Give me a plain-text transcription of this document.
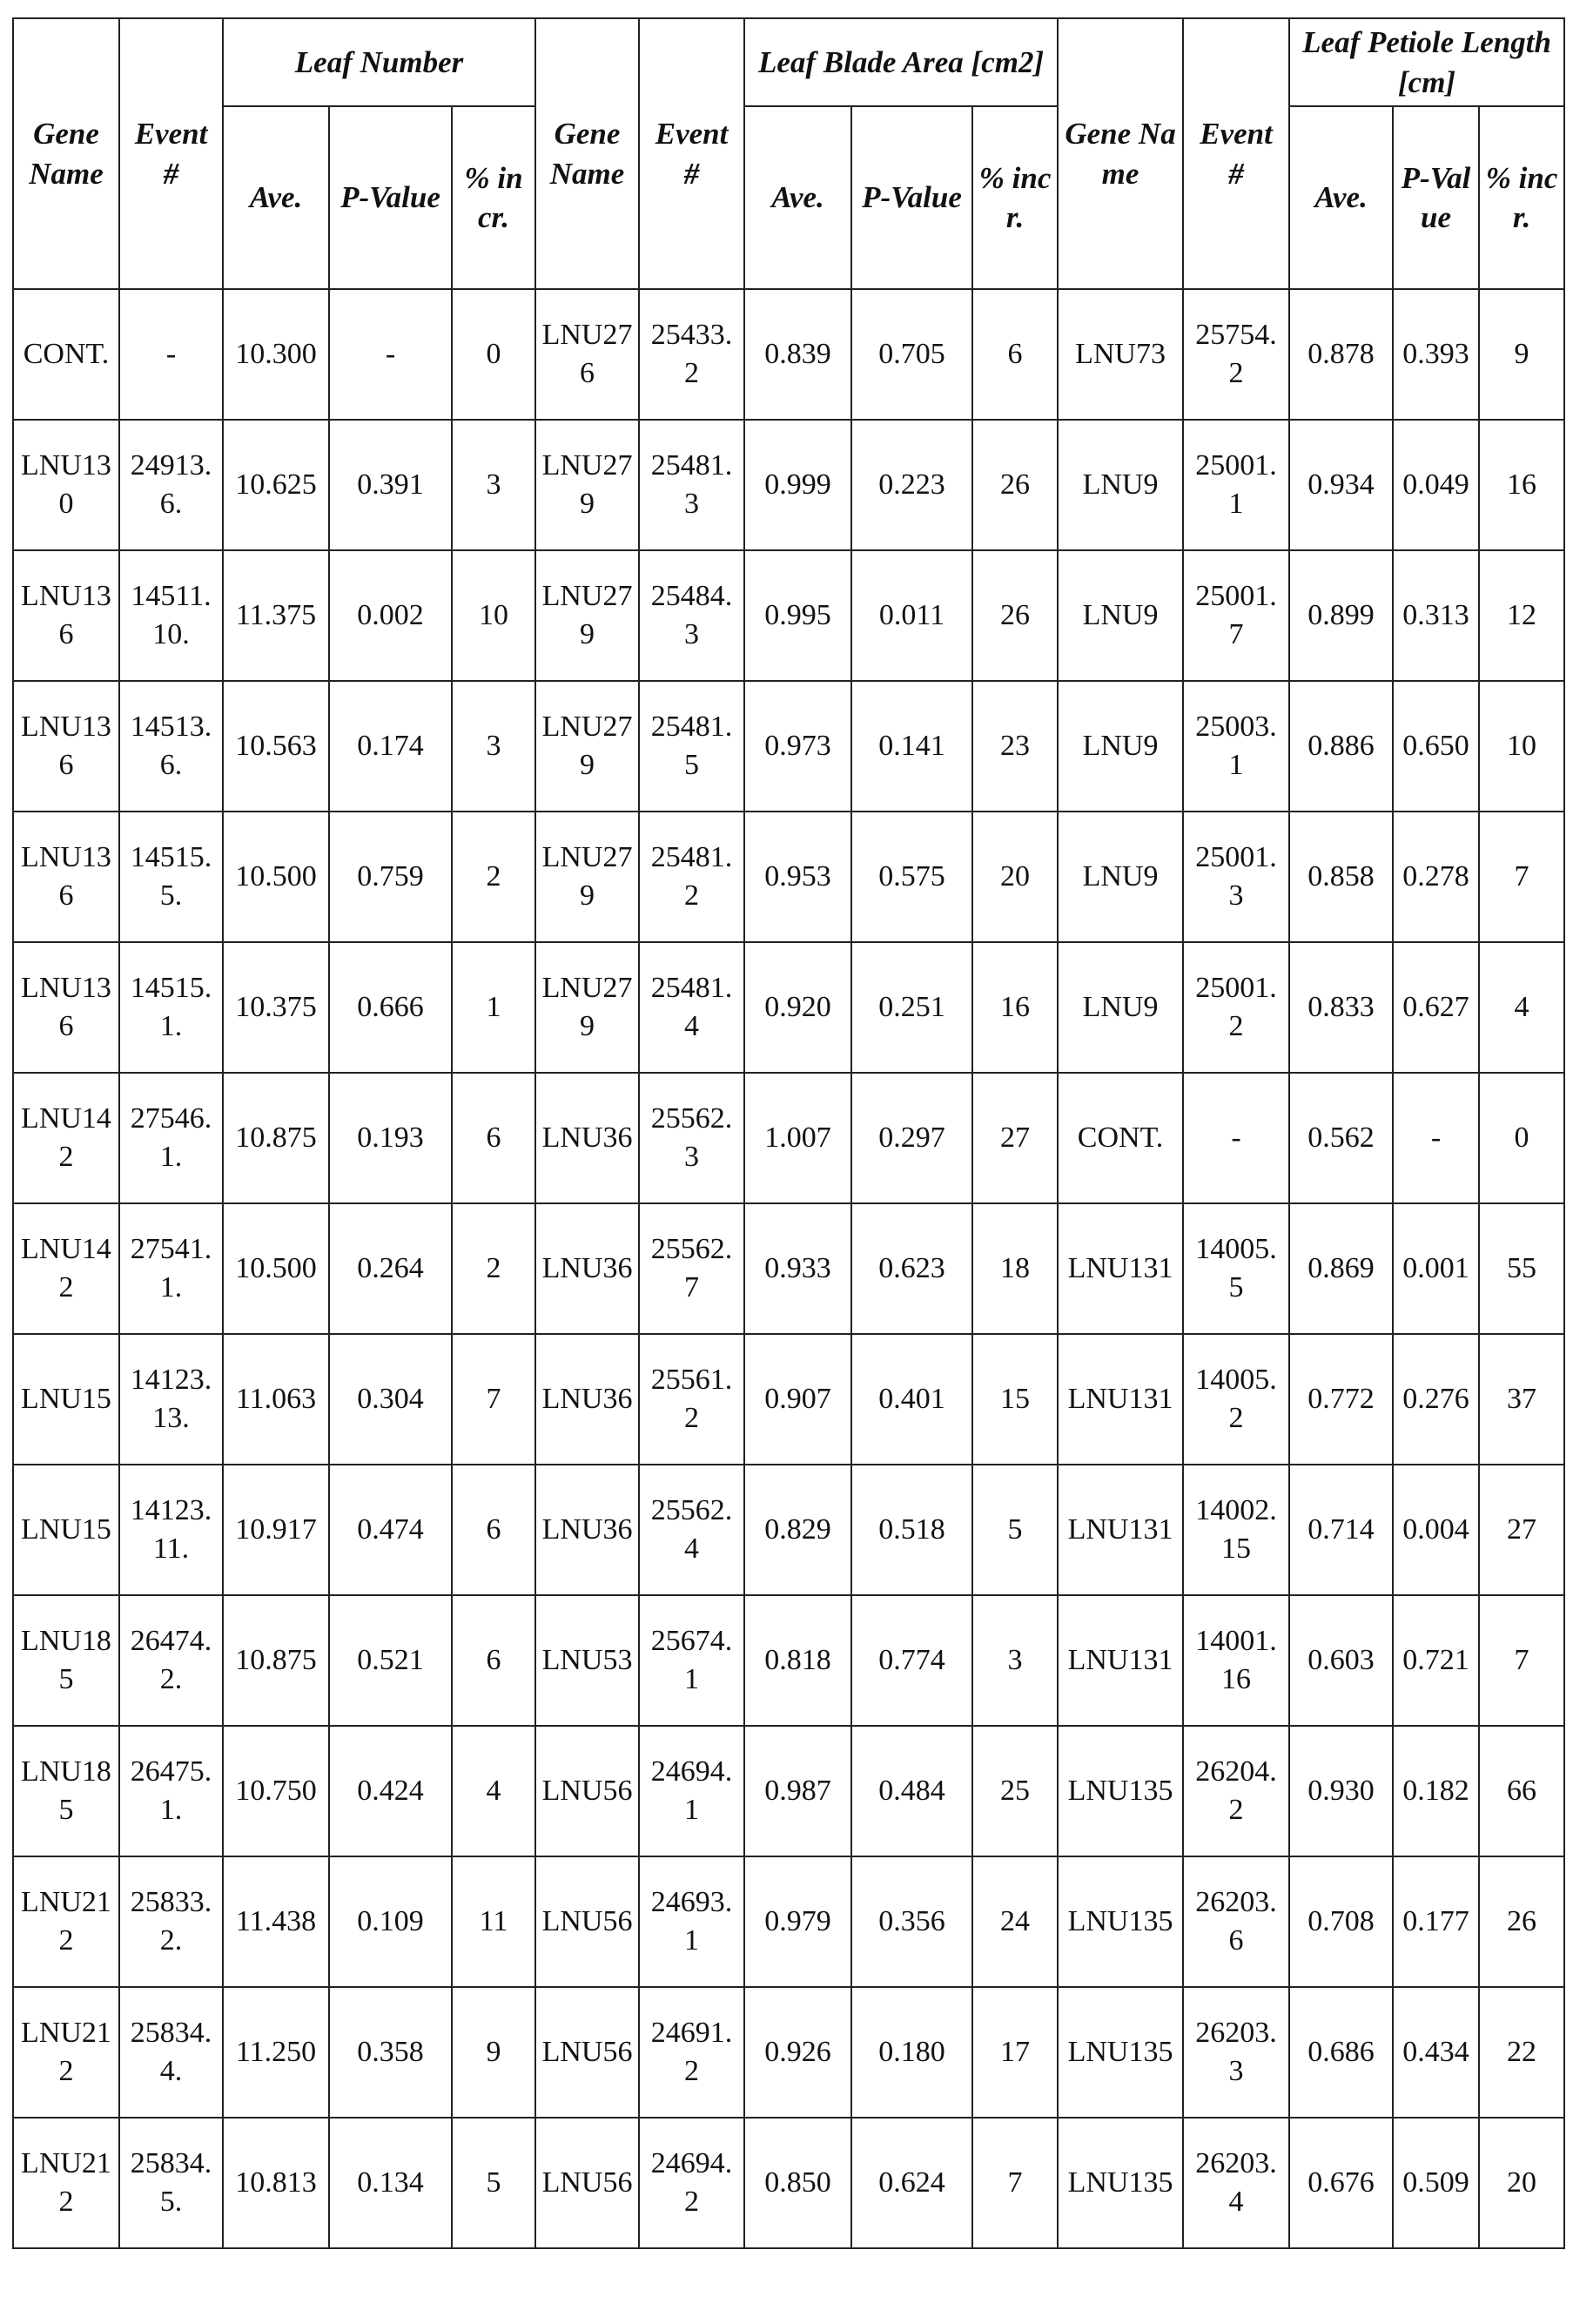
Gene Name	Event #	Leaf Number	Gene Name	Event #	Leaf Blade Area [cm2]	Gene Name	Event #	Leaf Petiole Length [cm]
Ave.	P-Value	% incr.	Ave.	P-Value	% incr.	Ave.	P-Value	% incr.
CONT.	-	10.300	-	0	LNU276	25433.2	0.839	0.705	6	LNU73	25754.2	0.878	0.393	9
LNU130	24913.6.	10.625	0.391	3	LNU279	25481.3	0.999	0.223	26	LNU9	25001.1	0.934	0.049	16
LNU136	14511.10.	11.375	0.002	10	LNU279	25484.3	0.995	0.011	26	LNU9	25001.7	0.899	0.313	12
LNU136	14513.6.	10.563	0.174	3	LNU279	25481.5	0.973	0.141	23	LNU9	25003.1	0.886	0.650	10
LNU136	14515.5.	10.500	0.759	2	LNU279	25481.2	0.953	0.575	20	LNU9	25001.3	0.858	0.278	7
LNU136	14515.1.	10.375	0.666	1	LNU279	25481.4	0.920	0.251	16	LNU9	25001.2	0.833	0.627	4
LNU142	27546.1.	10.875	0.193	6	LNU36	25562.3	1.007	0.297	27	CONT.	-	0.562	-	0
LNU142	27541.1.	10.500	0.264	2	LNU36	25562.7	0.933	0.623	18	LNU131	14005.5	0.869	0.001	55
LNU15	14123.13.	11.063	0.304	7	LNU36	25561.2	0.907	0.401	15	LNU131	14005.2	0.772	0.276	37
LNU15	14123.11.	10.917	0.474	6	LNU36	25562.4	0.829	0.518	5	LNU131	14002.15	0.714	0.004	27
LNU185	26474.2.	10.875	0.521	6	LNU53	25674.1	0.818	0.774	3	LNU131	14001.16	0.603	0.721	7
LNU185	26475.1.	10.750	0.424	4	LNU56	24694.1	0.987	0.484	25	LNU135	26204.2	0.930	0.182	66
LNU212	25833.2.	11.438	0.109	11	LNU56	24693.1	0.979	0.356	24	LNU135	26203.6	0.708	0.177	26
LNU212	25834.4.	11.250	0.358	9	LNU56	24691.2	0.926	0.180	17	LNU135	26203.3	0.686	0.434	22
LNU212	25834.5.	10.813	0.134	5	LNU56	24694.2	0.850	0.624	7	LNU135	26203.4	0.676	0.509	20
